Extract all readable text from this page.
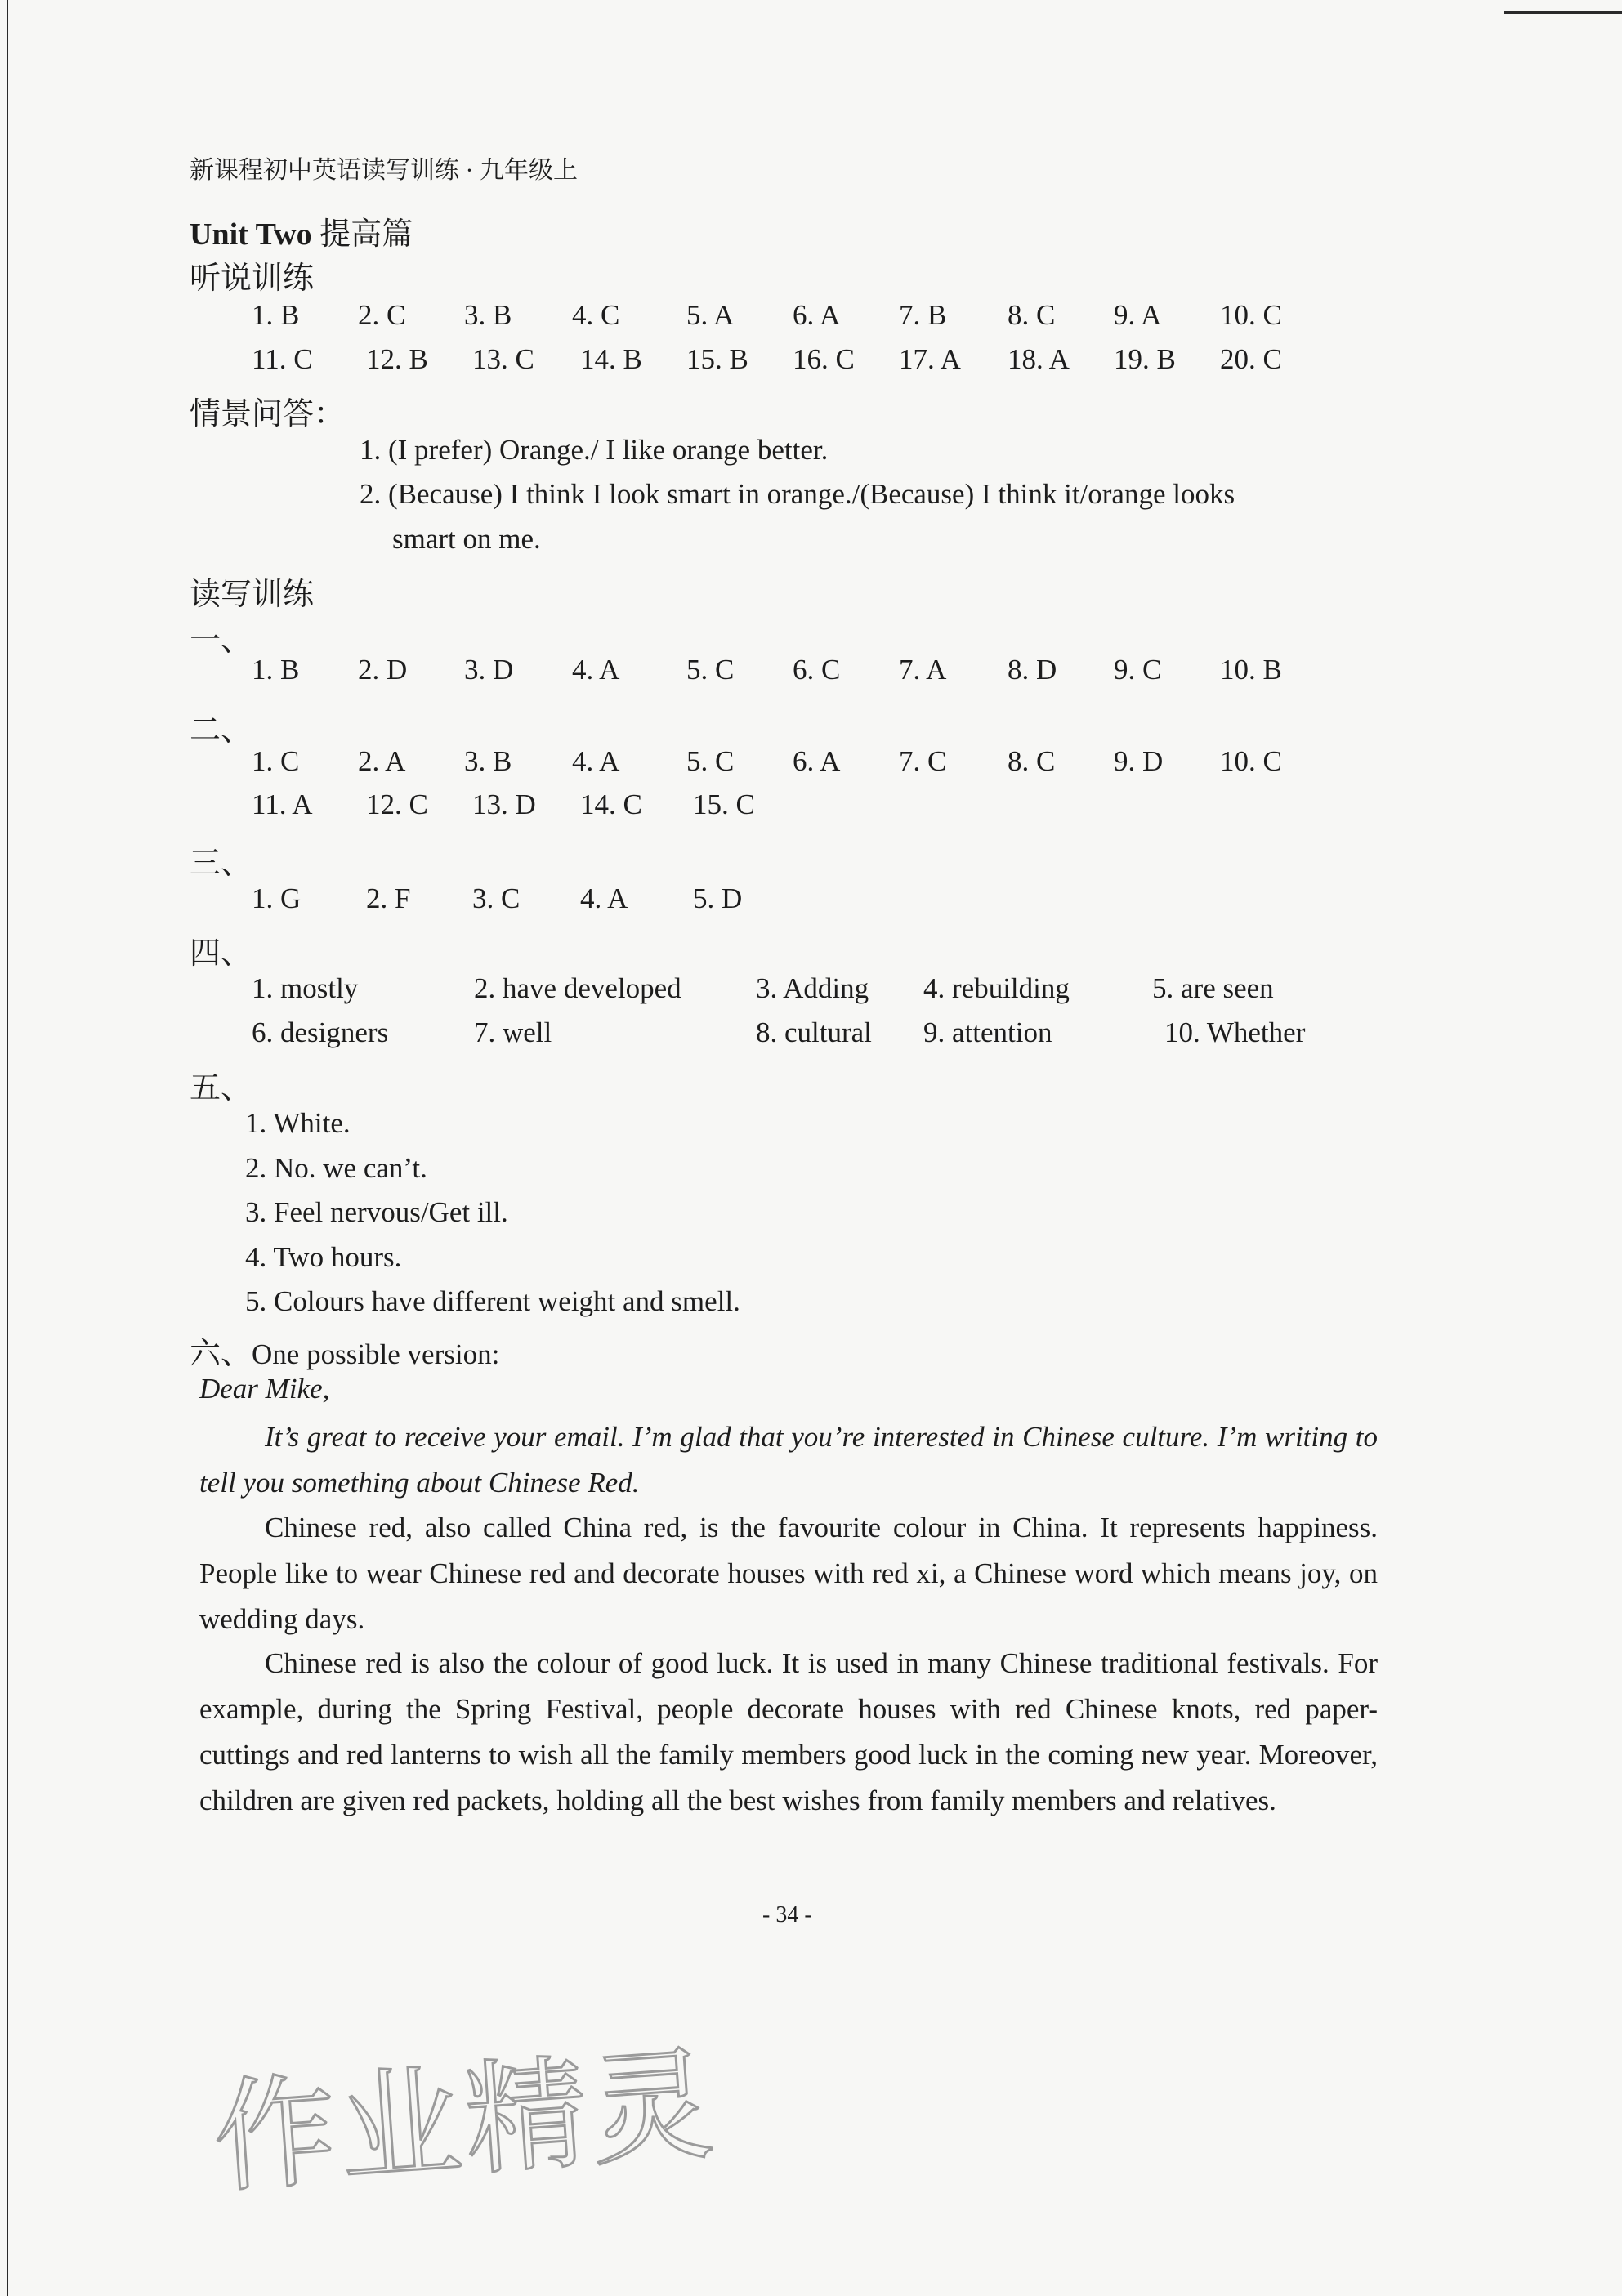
新课程初中英语读写训练 · 九年级上
Unit Two 提高篇
听说训练
1. B 2. C 3. B 4. C 5. A 6. A 7. B 8. C 9. A 10. C
11. C 12. B 13. C 14. B 15. B 16. C 17. A 18. A 19. B 20. C
情景问答：
1. (I prefer) Orange./ I like orange better.
2. (Because) I think I look smart in orange./(Because) I think it/orange looks
smart on me.
读写训练
一、
1. B 2. D 3. D 4. A 5. C 6. C 7. A 8. D 9. C 10. B
二、
1. C 2. A 3. B 4. A 5. C 6. A 7. C 8. C 9. D 10. C
11. A 12. C 13. D 14. C 15. C
三、
1. G 2. F 3. C 4. A 5. D
四、
1. mostly	2. have developed	3. Adding 4. rebuilding	5. are seen
6. designers	7. well	8. cultural 9. attention	10. Whether
五、
1. White.
2. No. we can’t.
3. Feel nervous/Get ill.
4. Two hours.
5. Colours have different weight and smell.
六、One possible version:
Dear Mike,
It’s great to receive your email. I’m glad that you’re interested in Chinese culture. I’m writing to tell you something about Chinese Red.
Chinese red, also called China red, is the favourite colour in China. It represents happiness. People like to wear Chinese red and decorate houses with red xi, a Chinese word which means joy, on wedding days.
Chinese red is also the colour of good luck. It is used in many Chinese traditional festivals. For example, during the Spring Festival, people decorate houses with red Chinese knots, red paper-cuttings and red lanterns to wish all the family members good luck in the coming new year. Moreover, children are given red packets, holding all the best wishes from family members and relatives.
- 34 -
作业精灵
